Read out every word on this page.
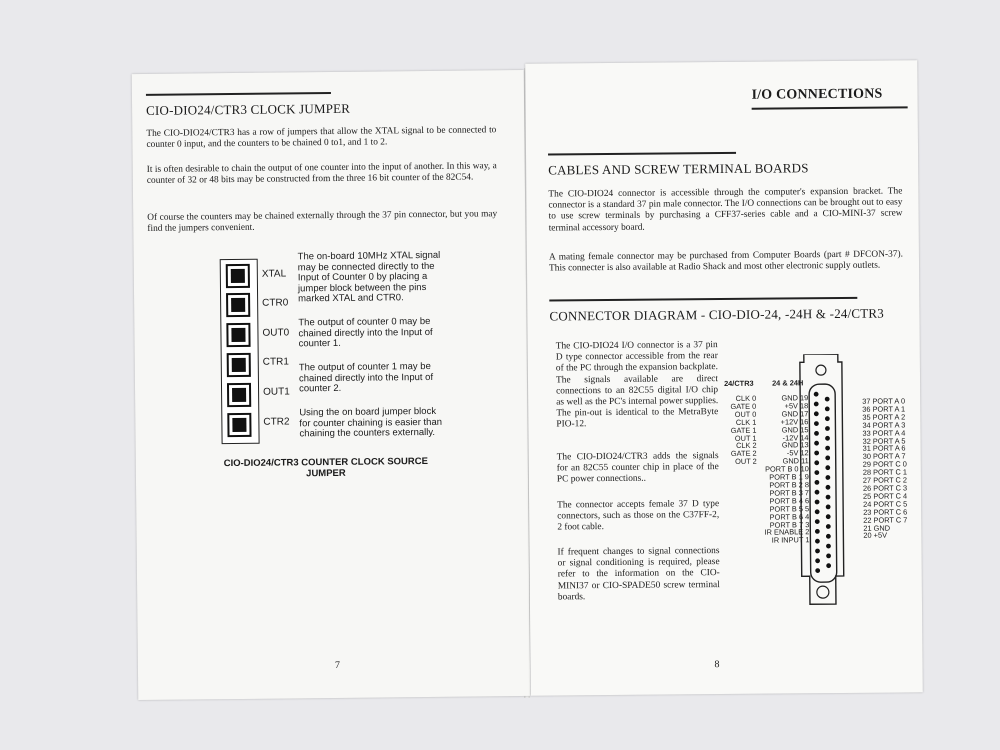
CIO-DIO24/CTR3 CLOCK JUMPER
The CIO-DIO24/CTR3 has a row of jumpers that allow the XTAL signal to be connected to counter 0 input, and the counters to be chained 0 to1, and 1 to 2.
It is often desirable to chain the output of one counter into the input of another. In this way, a counter of 32 or 48 bits may be constructed from the three 16 bit counter of the 82C54.
Of course the counters may be chained externally through the 37 pin connector, but you may find the jumpers convenient.
XTAL
CTR0
OUT0
CTR1
OUT1
CTR2
The on-board 10MHz XTAL signal may be connected directly to the Input of Counter 0 by placing a jumper block between the pins marked XTAL and CTR0.
The output of counter 0 may be chained directly into the Input of counter 1.
The output of counter 1 may be chained directly into the Input of counter 2.
Using the on board jumper block for counter chaining is easier than chaining the counters externally.
CIO-DIO24/CTR3 COUNTER CLOCK SOURCE
JUMPER
7
I/O CONNECTIONS
CABLES AND SCREW TERMINAL BOARDS
The CIO-DIO24 connector is accessible through the computer's expansion bracket. The connector is a standard 37 pin male connector. The I/O connections can be brought out to easy to use screw terminals by purchasing a CFF37-series cable and a CIO-MINI-37 screw terminal accessory board.
A mating female connector may be purchased from Computer Boards (part # DFCON-37). This connecter is also available at Radio Shack and most other electronic supply outlets.
CONNECTOR DIAGRAM - CIO-DIO-24, -24H & -24/CTR3
The CIO-DIO24 I/O connector is a 37 pin D type connector accessible from the rear of the PC through the expansion backplate. The signals available are direct connections to an 82C55 digital I/O chip as well as the PC's internal power supplies. The pin-out is identical to the MetraByte PIO-12.
The CIO-DIO24/CTR3 adds the signals for an 82C55 counter chip in place of the PC power connections..
The connector accepts female 37 D type connectors, such as those on the C37FF-2, 2 foot cable.
If frequent changes to signal connections or signal conditioning is required, please refer to the information on the CIO-MINI37 or CIO-SPADE50 screw terminal boards.
24/CTR3 24 & 24H
CLK 0
GATE 0
OUT 0
CLK 1
GATE 1
OUT 1
CLK 2
GATE 2
OUT 2
GND 19
+5V 18
GND 17
+12V 16
GND 15
-12V 14
GND 13
-5V 12
GND 11
PORT B 0 10
PORT B 1 9
PORT B 2 8
PORT B 3 7
PORT B 4 6
PORT B 5 5
PORT B 6 4
PORT B 7 3
IR ENABLE 2
IR INPUT 1
37 PORT A 0
36 PORT A 1
35 PORT A 2
34 PORT A 3
33 PORT A 4
32 PORT A 5
31 PORT A 6
30 PORT A 7
29 PORT C 0
28 PORT C 1
27 PORT C 2
26 PORT C 3
25 PORT C 4
24 PORT C 5
23 PORT C 6
22 PORT C 7
21 GND
20 +5V
8
